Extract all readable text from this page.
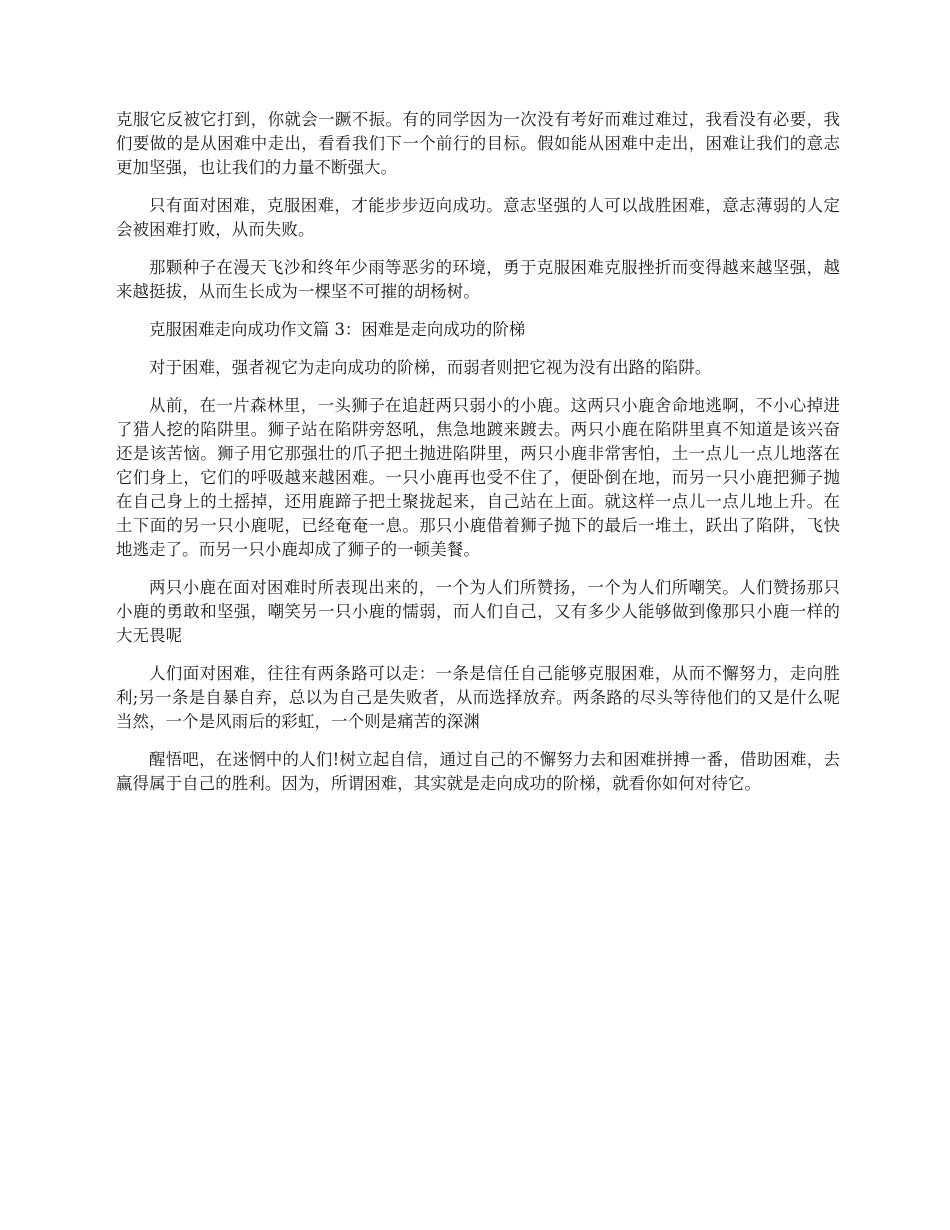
克服它反被它打到，你就会一蹶不振。有的同学因为一次没有考好而难过难过，我看没有必要，我们要做的是从困难中走出，看看我们下一个前行的目标。假如能从困难中走出，困难让我们的意志更加坚强，也让我们的力量不断强大。

只有面对困难，克服困难，才能步步迈向成功。意志坚强的人可以战胜困难，意志薄弱的人定会被困难打败，从而失败。

那颗种子在漫天飞沙和终年少雨等恶劣的环境，勇于克服困难克服挫折而变得越来越坚强，越来越挺拔，从而生长成为一棵坚不可摧的胡杨树。

克服困难走向成功作文篇 3：困难是走向成功的阶梯

对于困难，强者视它为走向成功的阶梯，而弱者则把它视为没有出路的陷阱。

从前，在一片森林里，一头狮子在追赶两只弱小的小鹿。这两只小鹿舍命地逃啊，不小心掉进了猎人挖的陷阱里。狮子站在陷阱旁怒吼，焦急地踱来踱去。两只小鹿在陷阱里真不知道是该兴奋还是该苦恼。狮子用它那强壮的爪子把土抛进陷阱里，两只小鹿非常害怕，土一点儿一点儿地落在它们身上，它们的呼吸越来越困难。一只小鹿再也受不住了，便卧倒在地，而另一只小鹿把狮子抛在自己身上的土摇掉，还用鹿蹄子把土聚拢起来，自己站在上面。就这样一点儿一点儿地上升。在土下面的另一只小鹿呢，已经奄奄一息。那只小鹿借着狮子抛下的最后一堆土，跃出了陷阱，飞快地逃走了。而另一只小鹿却成了狮子的一顿美餐。

两只小鹿在面对困难时所表现出来的，一个为人们所赞扬，一个为人们所嘲笑。人们赞扬那只小鹿的勇敢和坚强，嘲笑另一只小鹿的懦弱，而人们自己，又有多少人能够做到像那只小鹿一样的大无畏呢

人们面对困难，往往有两条路可以走：一条是信任自己能够克服困难，从而不懈努力，走向胜利;另一条是自暴自弃，总以为自己是失败者，从而选择放弃。两条路的尽头等待他们的又是什么呢当然，一个是风雨后的彩虹，一个则是痛苦的深渊

醒悟吧，在迷惘中的人们!树立起自信，通过自己的不懈努力去和困难拼搏一番，借助困难，去赢得属于自己的胜利。因为，所谓困难，其实就是走向成功的阶梯，就看你如何对待它。
